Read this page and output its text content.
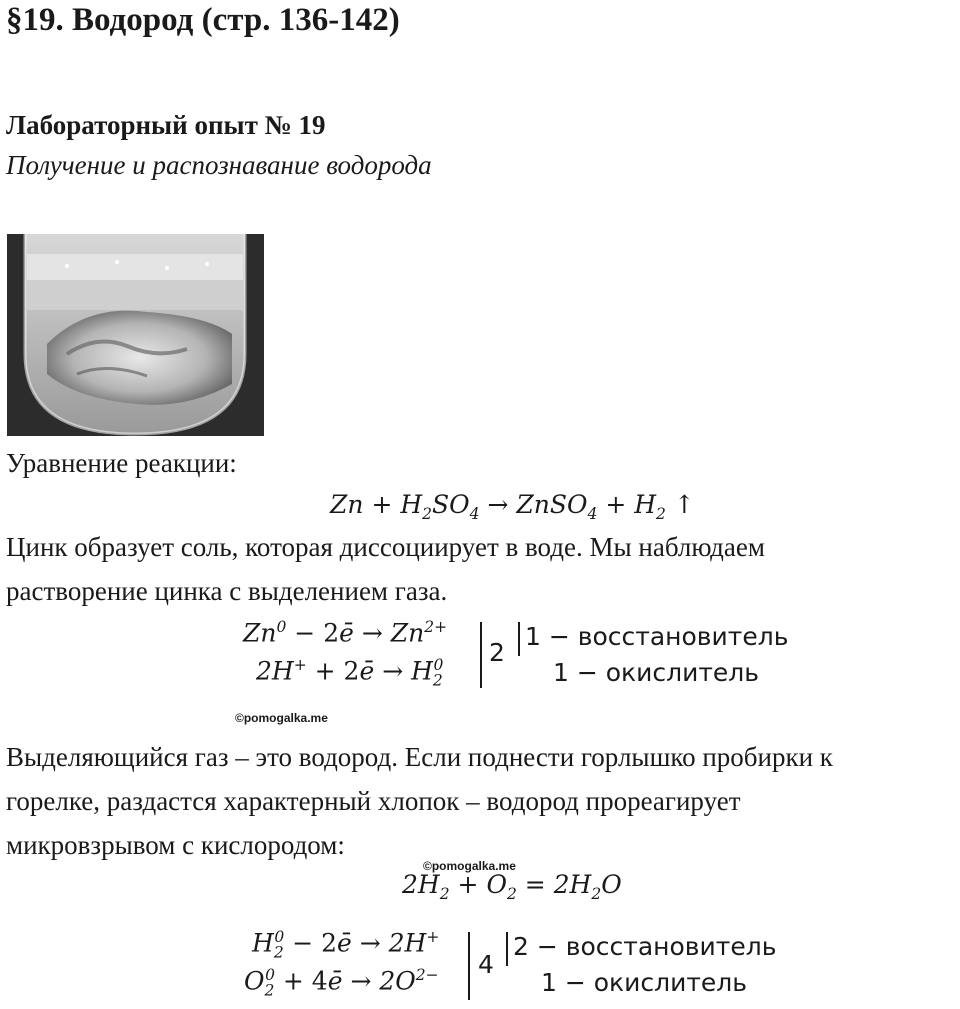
§19. Водород (стр. 136-142)
Лабораторный опыт № 19
Получение и распознавание водорода
Уравнение реакции:
$Zn + H_2SO_4$ → ZnSO$_4$ + $H_2$ ↑
Цинк образует соль, которая диссоциирует в воде. Мы наблюдаем
растворение цинка с выделением газа.
$Zn^0$ − 2ē → $Zn^{2+}$
2H+ + 2ē → $H_2^0$ 2
1 − восстановитель
1 − окислитель
©pomogalka.me
Выделяющийся газ – это водород. Если поднести горлышко пробирки к
горелке, раздастся характерный хлопок – водород прореагирует
микровзрывом с кислородом:
©pomogalka.me
$2H_2 + O_2 = 2H_2O$
$H_2^0$ − 2ē → 2H+
$O_2^0$ + 4ē → $2O^{2-}$ 4
2 − восстановитель
1 − окислитель
